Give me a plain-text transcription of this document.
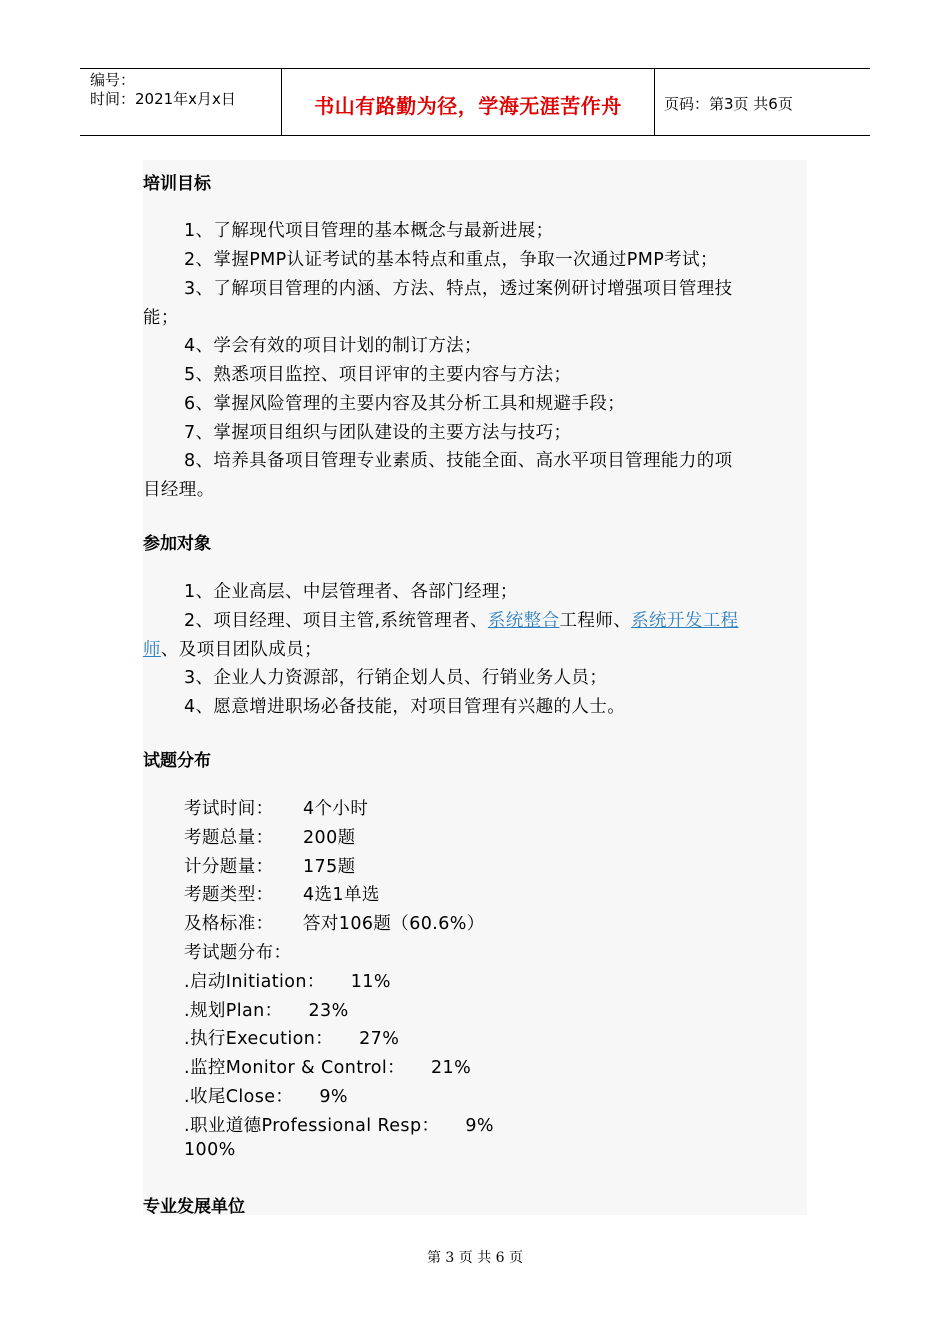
编号：
时间：2021年x月x日	书山有路勤为径，学海无涯苦作舟	页码：第3页 共6页
培训目标
1、了解现代项目管理的基本概念与最新进展；
2、掌握PMP认证考试的基本特点和重点，争取一次通过PMP考试；
3、了解项目管理的内涵、方法、特点，透过案例研讨增强项目管理技
能；
4、学会有效的项目计划的制订方法；
5、熟悉项目监控、项目评审的主要内容与方法；
6、掌握风险管理的主要内容及其分析工具和规避手段；
7、掌握项目组织与团队建设的主要方法与技巧；
8、培养具备项目管理专业素质、技能全面、高水平项目管理能力的项
目经理。
参加对象
1、企业高层、中层管理者、各部门经理；
2、项目经理、项目主管,系统管理者、系统整合工程师、系统开发工程
师、及项目团队成员；
3、企业人力资源部，行销企划人员、行销业务人员；
4、愿意增进职场必备技能，对项目管理有兴趣的人士。
试题分布
考试时间： 4个小时
考题总量： 200题
计分题量： 175题
考题类型： 4选1单选
及格标准： 答对106题（60.6%）
考试题分布：
.启动Initiation： 11%
.规划Plan： 23%
.执行Execution： 27%
.监控Monitor & Control： 21%
.收尾Close： 9%
.职业道德Professional Resp： 9%
100%
专业发展单位
第 3 页 共 6 页
